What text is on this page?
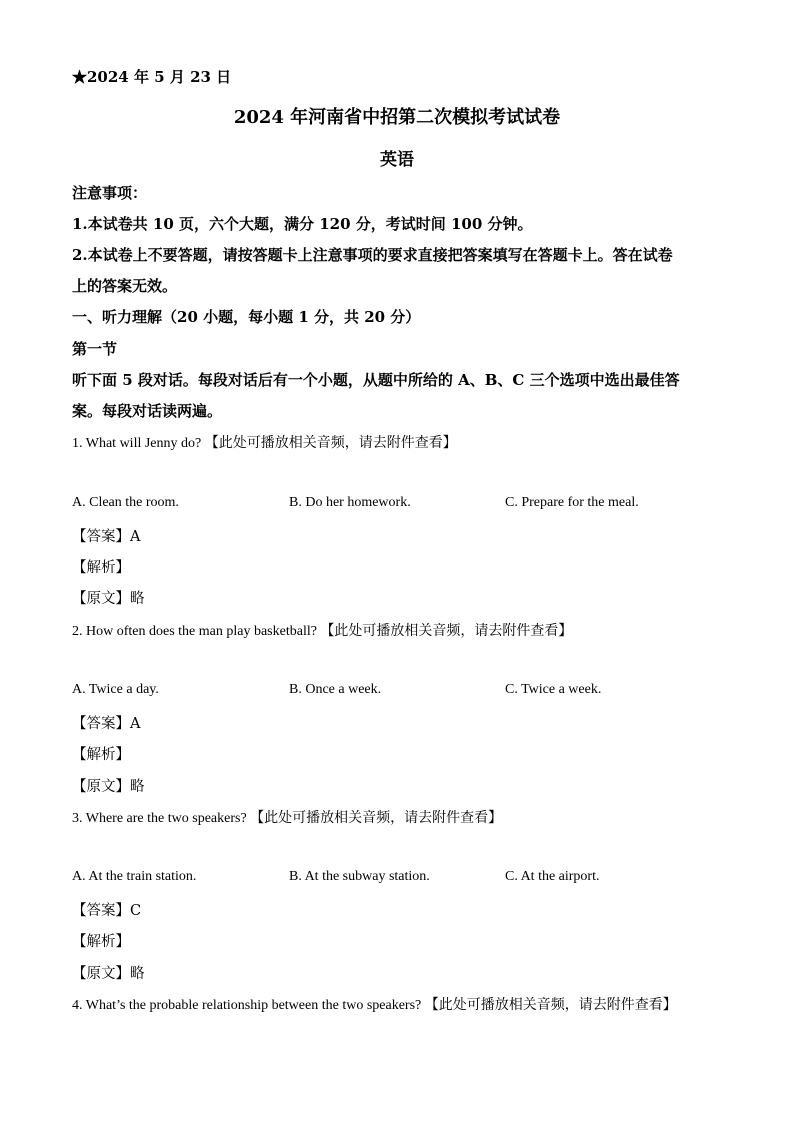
★2024 年 5 月 23 日
2024 年河南省中招第二次模拟考试试卷
英语
注意事项：
1.本试卷共 10 页，六个大题，满分 120 分，考试时间 100 分钟。
2.本试卷上不要答题，请按答题卡上注意事项的要求直接把答案填写在答题卡上。答在试卷
上的答案无效。
一、听力理解（20 小题，每小题 1 分，共 20 分）
第一节
听下面 5 段对话。每段对话后有一个小题，从题中所给的 A、B、C 三个选项中选出最佳答
案。每段对话读两遍。
1. What will Jenny do? 【此处可播放相关音频，请去附件查看】
A. Clean the room.	B. Do her homework.	C. Prepare for the meal.
【答案】A
【解析】
【原文】略
2. How often does the man play basketball? 【此处可播放相关音频，请去附件查看】
A. Twice a day.	B. Once a week.	C. Twice a week.
【答案】A
【解析】
【原文】略
3. Where are the two speakers? 【此处可播放相关音频，请去附件查看】
A. At the train station.	B. At the subway station.	C. At the airport.
【答案】C
【解析】
【原文】略
4. What’s the probable relationship between the two speakers? 【此处可播放相关音频，请去附件查看】
